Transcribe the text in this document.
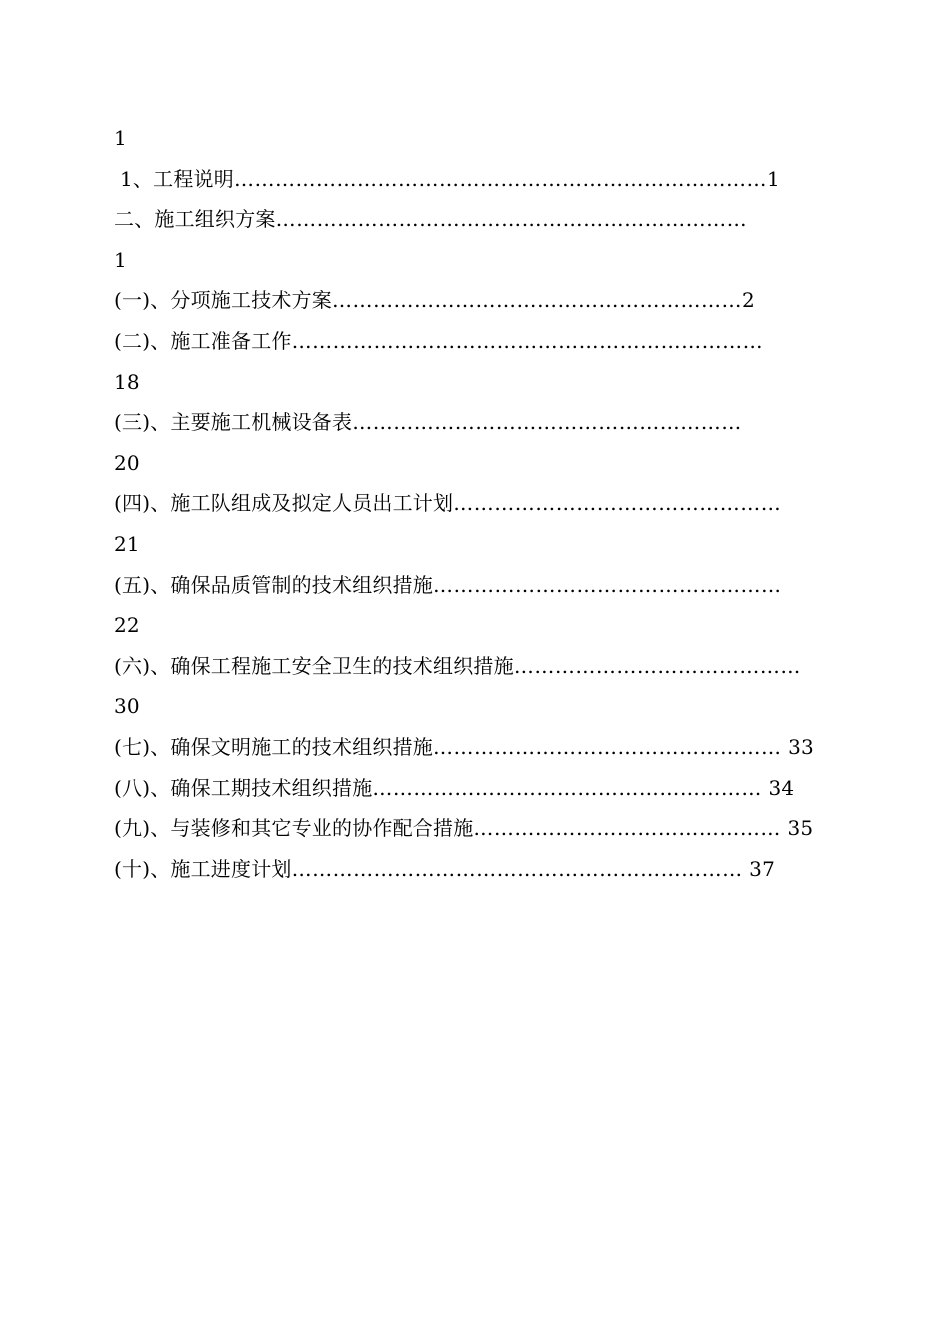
1
1、工程说明……………………………………………………………………1
二、施工组织方案……………………………………………………………
1
(一)、分项施工技术方案……………………………………………………2
(二)、施工准备工作……………………………………………………………
18
(三)、主要施工机械设备表…………………………………………………
20
(四)、施工队组成及拟定人员出工计划…………………………………………
21
(五)、确保品质管制的技术组织措施……………………………………………
22
(六)、确保工程施工安全卫生的技术组织措施……………………………………
30
(七)、确保文明施工的技术组织措施…………………………………………… 33
(八)、确保工期技术组织措施………………………………………………… 34
(九)、与装修和其它专业的协作配合措施……………………………………… 35
(十)、施工进度计划………………………………………………………… 37
